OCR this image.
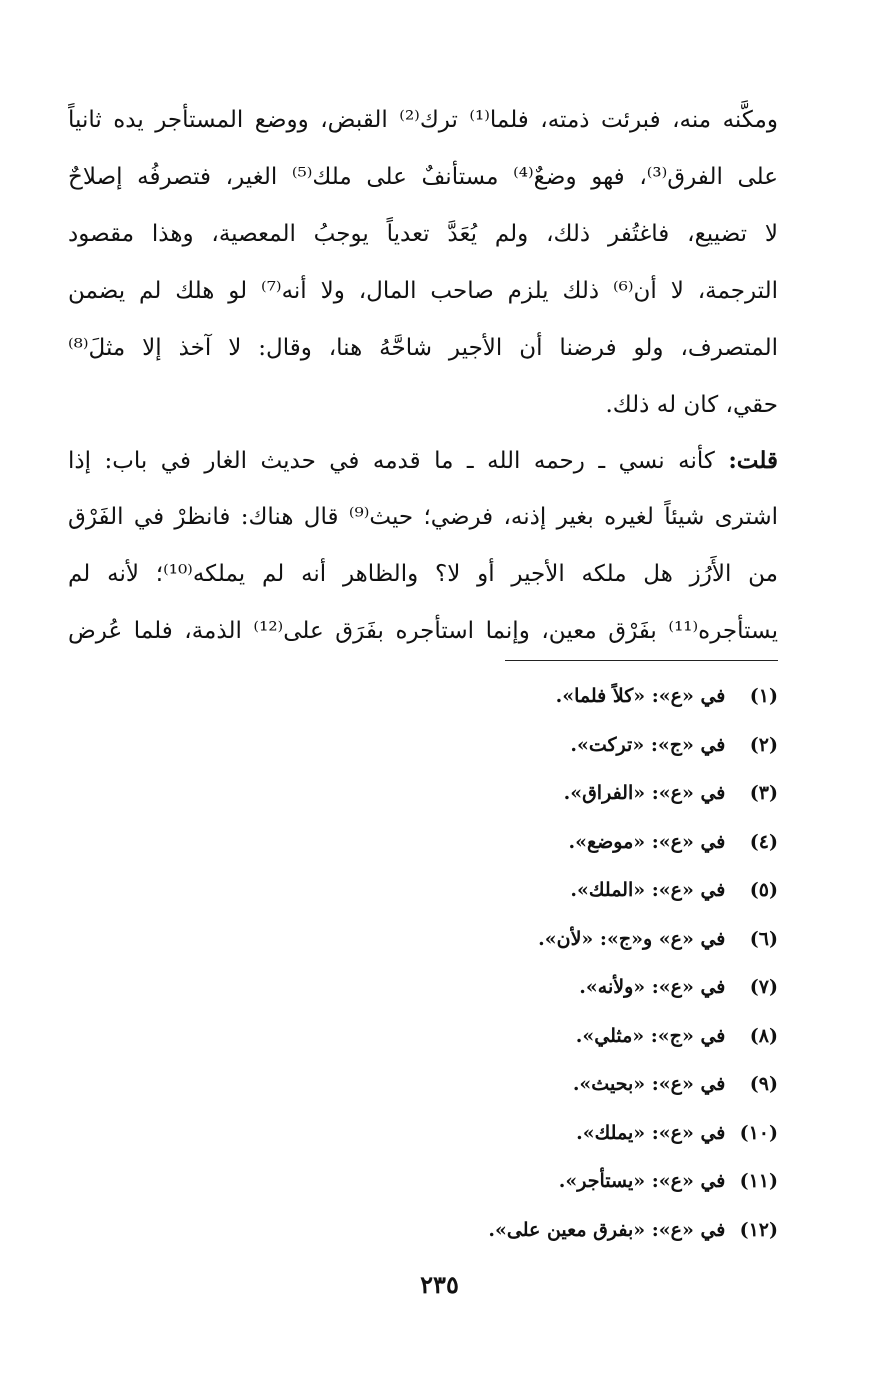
ومكَّنه منه، فبرئت ذمته، فلما⁽¹⁾ ترك⁽²⁾ القبض، ووضع المستأجر يده ثانياً
على الفرق⁽³⁾، فهو وضعٌ⁽⁴⁾ مستأنفٌ على ملك⁽⁵⁾ الغير، فتصرفُه إصلاحٌ
لا تضييع، فاغتُفر ذلك، ولم يُعَدَّ تعدياً يوجبُ المعصية، وهذا مقصود
الترجمة، لا أن⁽⁶⁾ ذلك يلزم صاحب المال، ولا أنه⁽⁷⁾ لو هلك لم يضمن
المتصرف، ولو فرضنا أن الأجير شاحَّهُ هنا، وقال: لا آخذ إلا مثلَ⁽⁸⁾
حقي، كان له ذلك.
قلت: كأنه نسي ـ رحمه الله ـ ما قدمه في حديث الغار في باب: إذا
اشترى شيئاً لغيره بغير إذنه، فرضي؛ حيث⁽⁹⁾ قال هناك: فانظرْ في الفَرْق
من الأَرُز هل ملكه الأجير أو لا؟ والظاهر أنه لم يملكه⁽¹⁰⁾؛ لأنه لم
يستأجره⁽¹¹⁾ بفَرْق معين، وإنما استأجره بفَرَق على⁽¹²⁾ الذمة، فلما عُرض
(١) في «ع»: «كلاً فلما».
(٢) في «ج»: «تركت».
(٣) في «ع»: «الفراق».
(٤) في «ع»: «موضع».
(٥) في «ع»: «الملك».
(٦) في «ع» و«ج»: «لأن».
(٧) في «ع»: «ولأنه».
(٨) في «ج»: «مثلي».
(٩) في «ع»: «بحيث».
(١٠) في «ع»: «يملك».
(١١) في «ع»: «يستأجر».
(١٢) في «ع»: «بفرق معين على».
٢٣٥
